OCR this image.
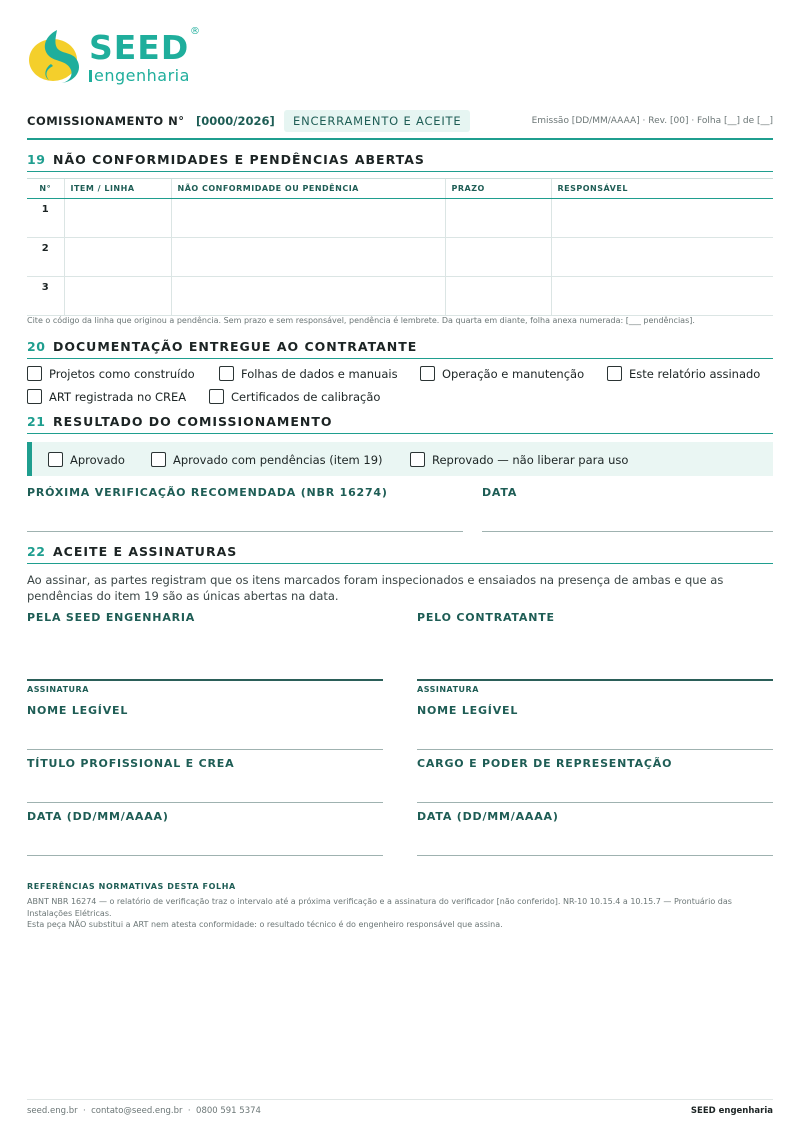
SEED ®
engenharia
COMISSIONAMENTO N° [0000/2026]	ENCERRAMENTO E ACEITE	Emissão [DD/MM/AAAA] · Rev. [00] · Folha [__] de [__]
19 NÃO CONFORMIDADES E PENDÊNCIAS ABERTAS
N°	ITEM / LINHA	NÃO CONFORMIDADE OU PENDÊNCIA	PRAZO	RESPONSÁVEL
1				
2				
3				
Cite o código da linha que originou a pendência. Sem prazo e sem responsável, pendência é lembrete. Da quarta em diante, folha anexa numerada: [___ pendências].
20 DOCUMENTAÇÃO ENTREGUE AO CONTRATANTE
Projetos como construído	Folhas de dados e manuais	Operação e manutenção	Este relatório assinado
ART registrada no CREA	Certificados de calibração
21 RESULTADO DO COMISSIONAMENTO
Aprovado	Aprovado com pendências (item 19)	Reprovado — não liberar para uso
PRÓXIMA VERIFICAÇÃO RECOMENDADA (NBR 16274)	DATA
22 ACEITE E ASSINATURAS
Ao assinar, as partes registram que os itens marcados foram inspecionados e ensaiados na presença de ambas e que as pendências do item 19 são as únicas abertas na data.
PELA SEED ENGENHARIA
ASSINATURA
NOME LEGÍVEL
TÍTULO PROFISSIONAL E CREA
DATA (DD/MM/AAAA)
PELO CONTRATANTE
ASSINATURA
NOME LEGÍVEL
CARGO E PODER DE REPRESENTAÇÃO
DATA (DD/MM/AAAA)
REFERÊNCIAS NORMATIVAS DESTA FOLHA
ABNT NBR 16274 — o relatório de verificação traz o intervalo até a próxima verificação e a assinatura do verificador [não conferido]. NR-10 10.15.4 a 10.15.7 — Prontuário das Instalações Elétricas.
Esta peça NÃO substitui a ART nem atesta conformidade: o resultado técnico é do engenheiro responsável que assina.
seed.eng.br  ·  contato@seed.eng.br  ·  0800 591 5374	SEED engenharia
